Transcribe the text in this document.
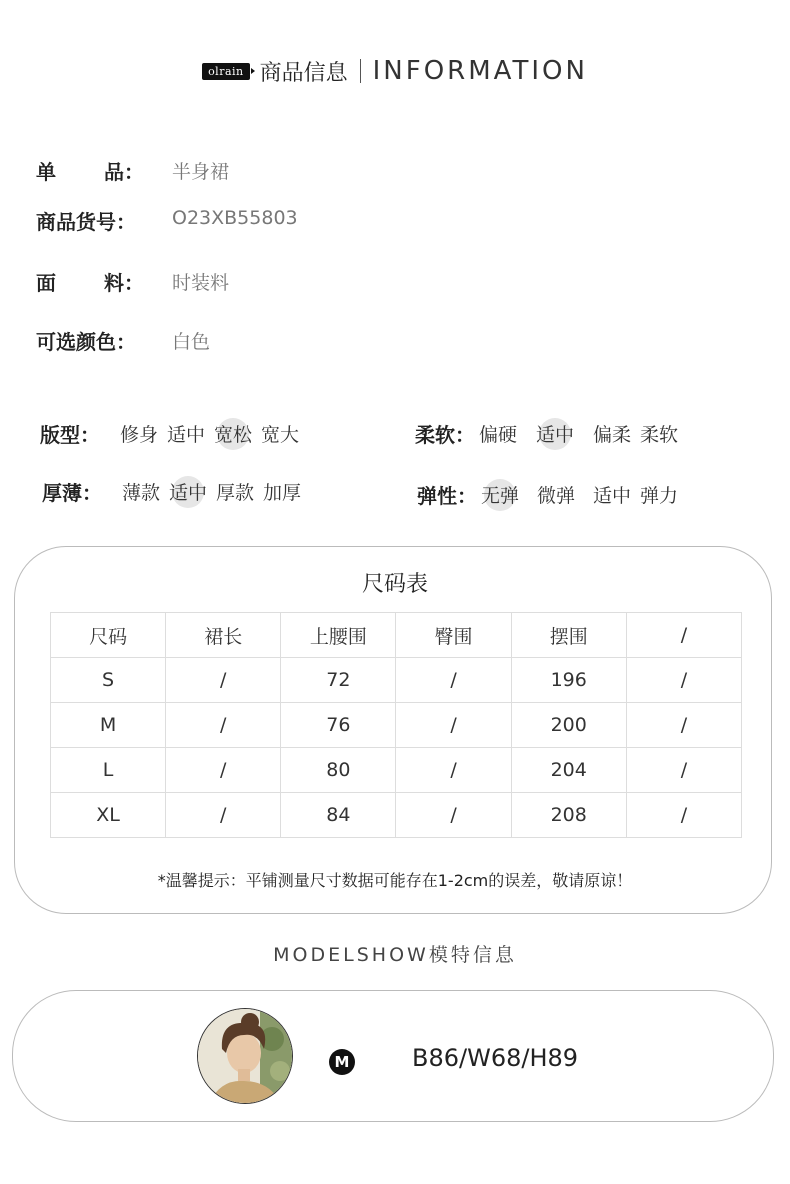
olrain 商品信息 INFORMATION
单 品： 半身裙
商品货号： O23XB55803
面 料： 时装料
可选颜色： 白色
版型： 修身 适中 宽松 宽大	柔软： 偏硬 适中 偏柔 柔软
厚薄： 薄款 适中 厚款 加厚	弹性： 无弹 微弹 适中 弹力
尺码表
尺码	裙长	上腰围	臀围	摆围	/
S	/	72	/	196	/
M	/	76	/	200	/
L	/	80	/	204	/
XL	/	84	/	208	/
*温馨提示：平铺测量尺寸数据可能存在1-2cm的误差，敬请原谅！
MODELSHOW模特信息
M	B86/W68/H89
